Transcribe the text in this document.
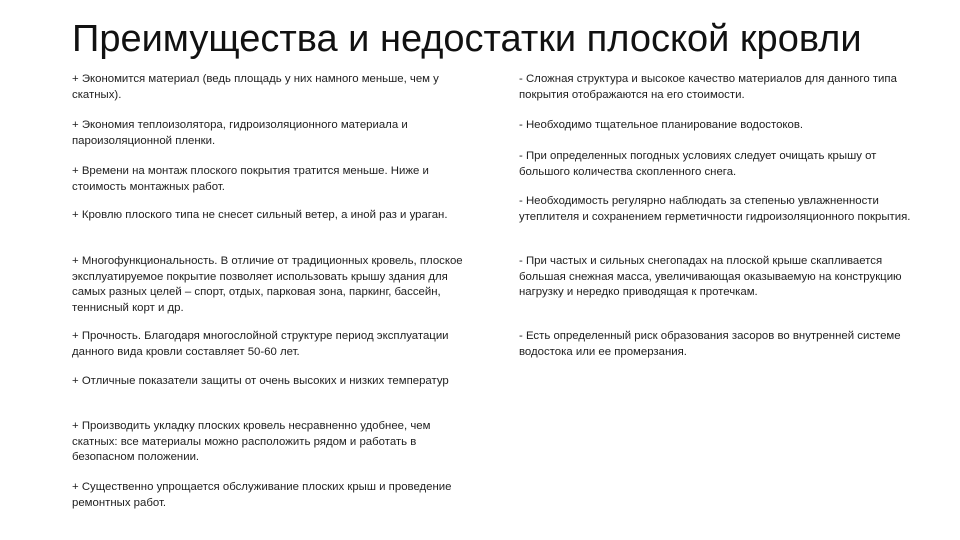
Преимущества и недостатки плоской кровли

+ Экономится материал (ведь площадь у них намного меньше, чем у скатных).

+ Экономия теплоизолятора, гидроизоляционного материала и пароизоляционной пленки.

+ Времени на монтаж плоского покрытия тратится меньше. Ниже и стоимость монтажных работ.

+ Кровлю плоского типа не снесет сильный ветер, а иной раз и ураган.

+ Многофункциональность. В отличие от традиционных кровель, плоское эксплуатируемое покрытие позволяет использовать крышу здания для самых разных целей – спорт, отдых, парковая зона, паркинг, бассейн, теннисный корт и др.

+ Прочность. Благодаря многослойной структуре период эксплуатации данного вида кровли составляет 50-60 лет.

+ Отличные показатели защиты от очень высоких и низких температур

+ Производить укладку плоских кровель несравненно удобнее, чем скатных: все материалы можно расположить рядом и работать в безопасном положении.

+ Существенно упрощается обслуживание плоских крыш и проведение ремонтных работ.

- Сложная структура и высокое качество материалов для данного типа покрытия отображаются на его стоимости.

- Необходимо тщательное планирование водостоков.

- При определенных погодных условиях следует очищать крышу от большого количества скопленного снега.

- Необходимость регулярно наблюдать за степенью увлажненности утеплителя и сохранением герметичности гидроизоляционного покрытия.

- При частых и сильных снегопадах на плоской крыше скапливается большая снежная масса, увеличивающая оказываемую на конструкцию нагрузку и нередко приводящая к протечкам.

- Есть определенный риск образования засоров во внутренней системе водостока или ее промерзания.
